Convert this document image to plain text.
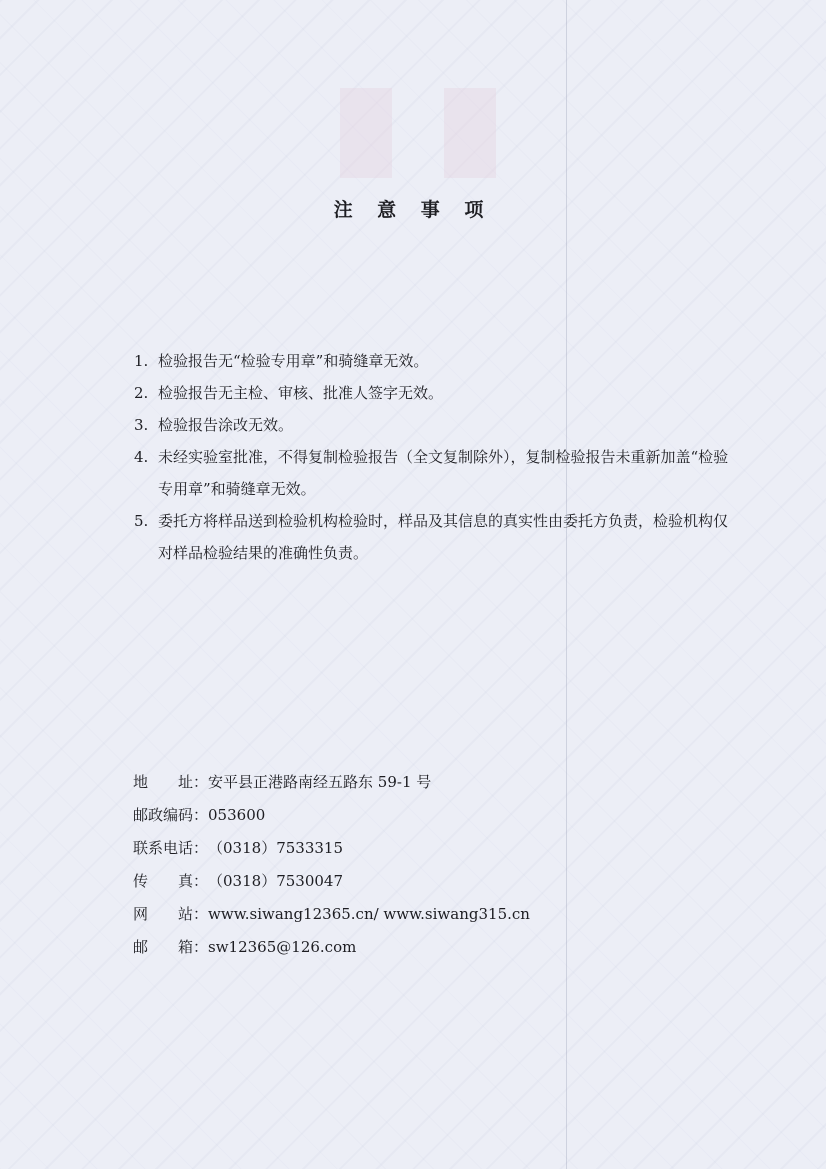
注 意 事 项
1. 检验报告无“检验专用章”和骑缝章无效。
2. 检验报告无主检、审核、批准人签字无效。
3. 检验报告涂改无效。
4. 未经实验室批准，不得复制检验报告（全文复制除外），复制检验报告未重新加盖“检验专用章”和骑缝章无效。
5. 委托方将样品送到检验机构检验时，样品及其信息的真实性由委托方负责，检验机构仅对样品检验结果的准确性负责。
地　　址：安平县正港路南经五路东 59-1 号
邮政编码：053600
联系电话：（0318）7533315
传　　真：（0318）7530047
网　　站：www.siwang12365.cn/ www.siwang315.cn
邮　　箱：sw12365@126.com
